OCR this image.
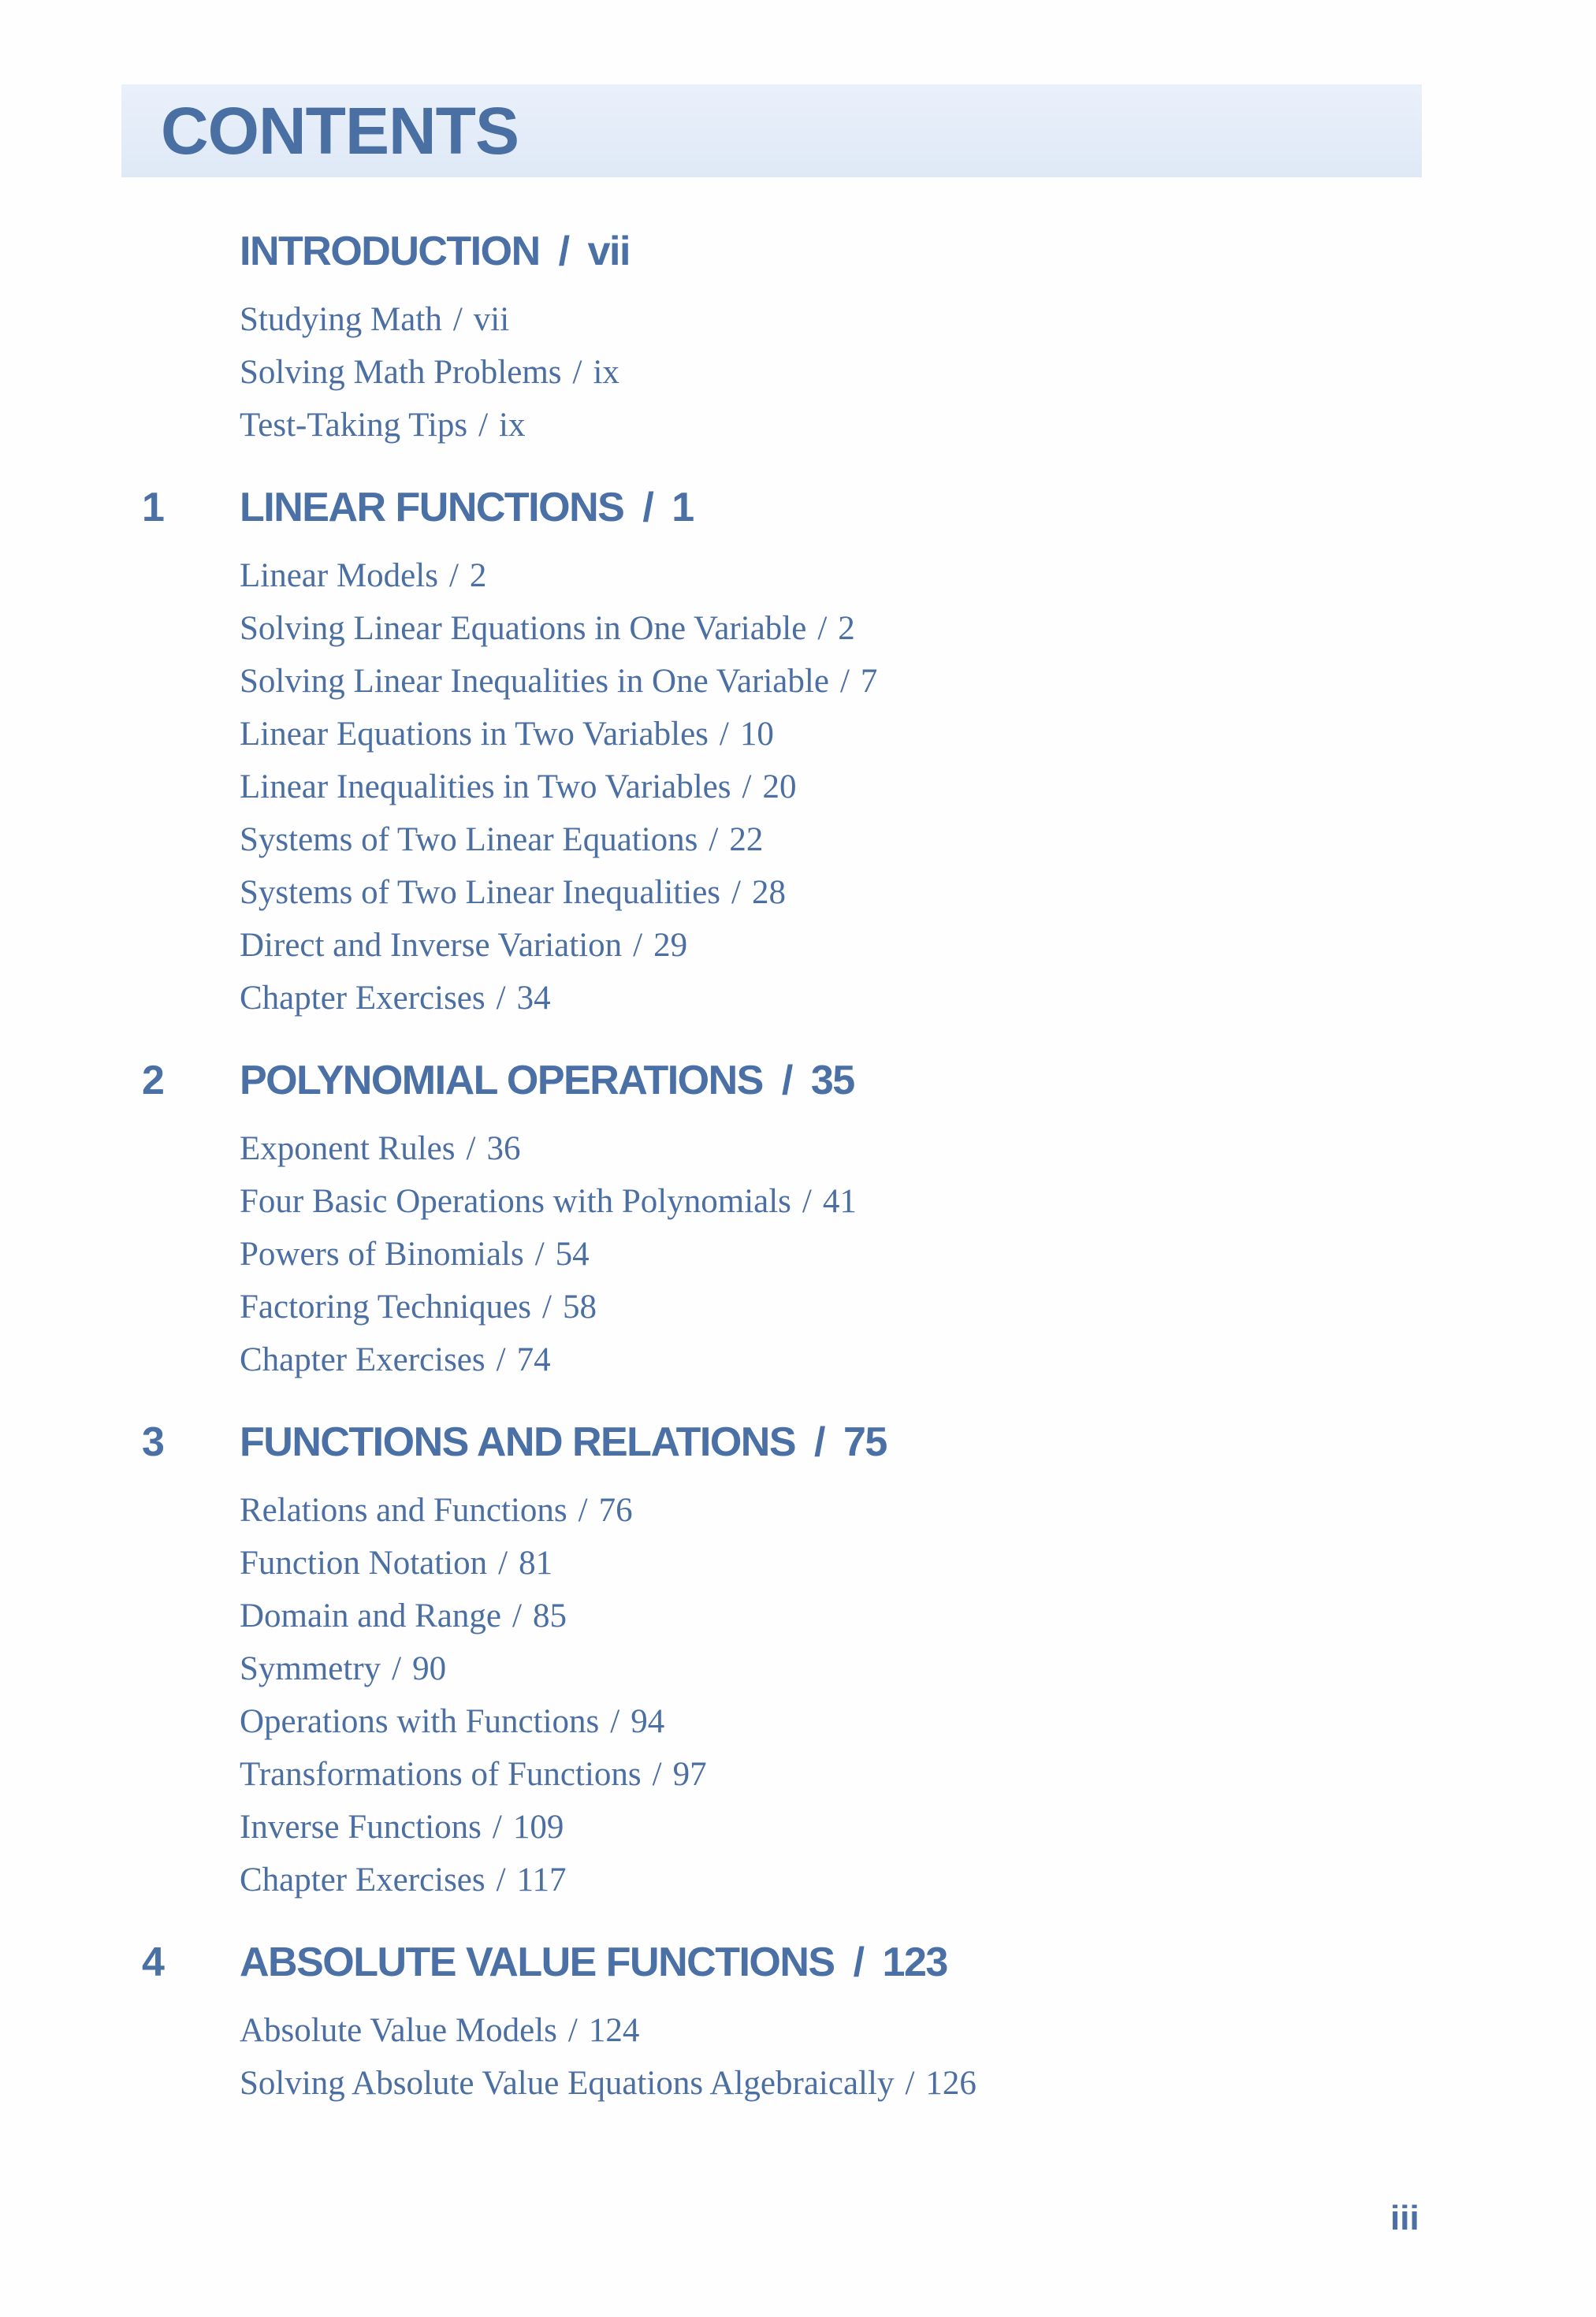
CONTENTS
INTRODUCTION / vii
Studying Math / vii
Solving Math Problems / ix
Test-Taking Tips / ix
1 LINEAR FUNCTIONS / 1
Linear Models / 2
Solving Linear Equations in One Variable / 2
Solving Linear Inequalities in One Variable / 7
Linear Equations in Two Variables / 10
Linear Inequalities in Two Variables / 20
Systems of Two Linear Equations / 22
Systems of Two Linear Inequalities / 28
Direct and Inverse Variation / 29
Chapter Exercises / 34
2 POLYNOMIAL OPERATIONS / 35
Exponent Rules / 36
Four Basic Operations with Polynomials / 41
Powers of Binomials / 54
Factoring Techniques / 58
Chapter Exercises / 74
3 FUNCTIONS AND RELATIONS / 75
Relations and Functions / 76
Function Notation / 81
Domain and Range / 85
Symmetry / 90
Operations with Functions / 94
Transformations of Functions / 97
Inverse Functions / 109
Chapter Exercises / 117
4 ABSOLUTE VALUE FUNCTIONS / 123
Absolute Value Models / 124
Solving Absolute Value Equations Algebraically / 126
iii
